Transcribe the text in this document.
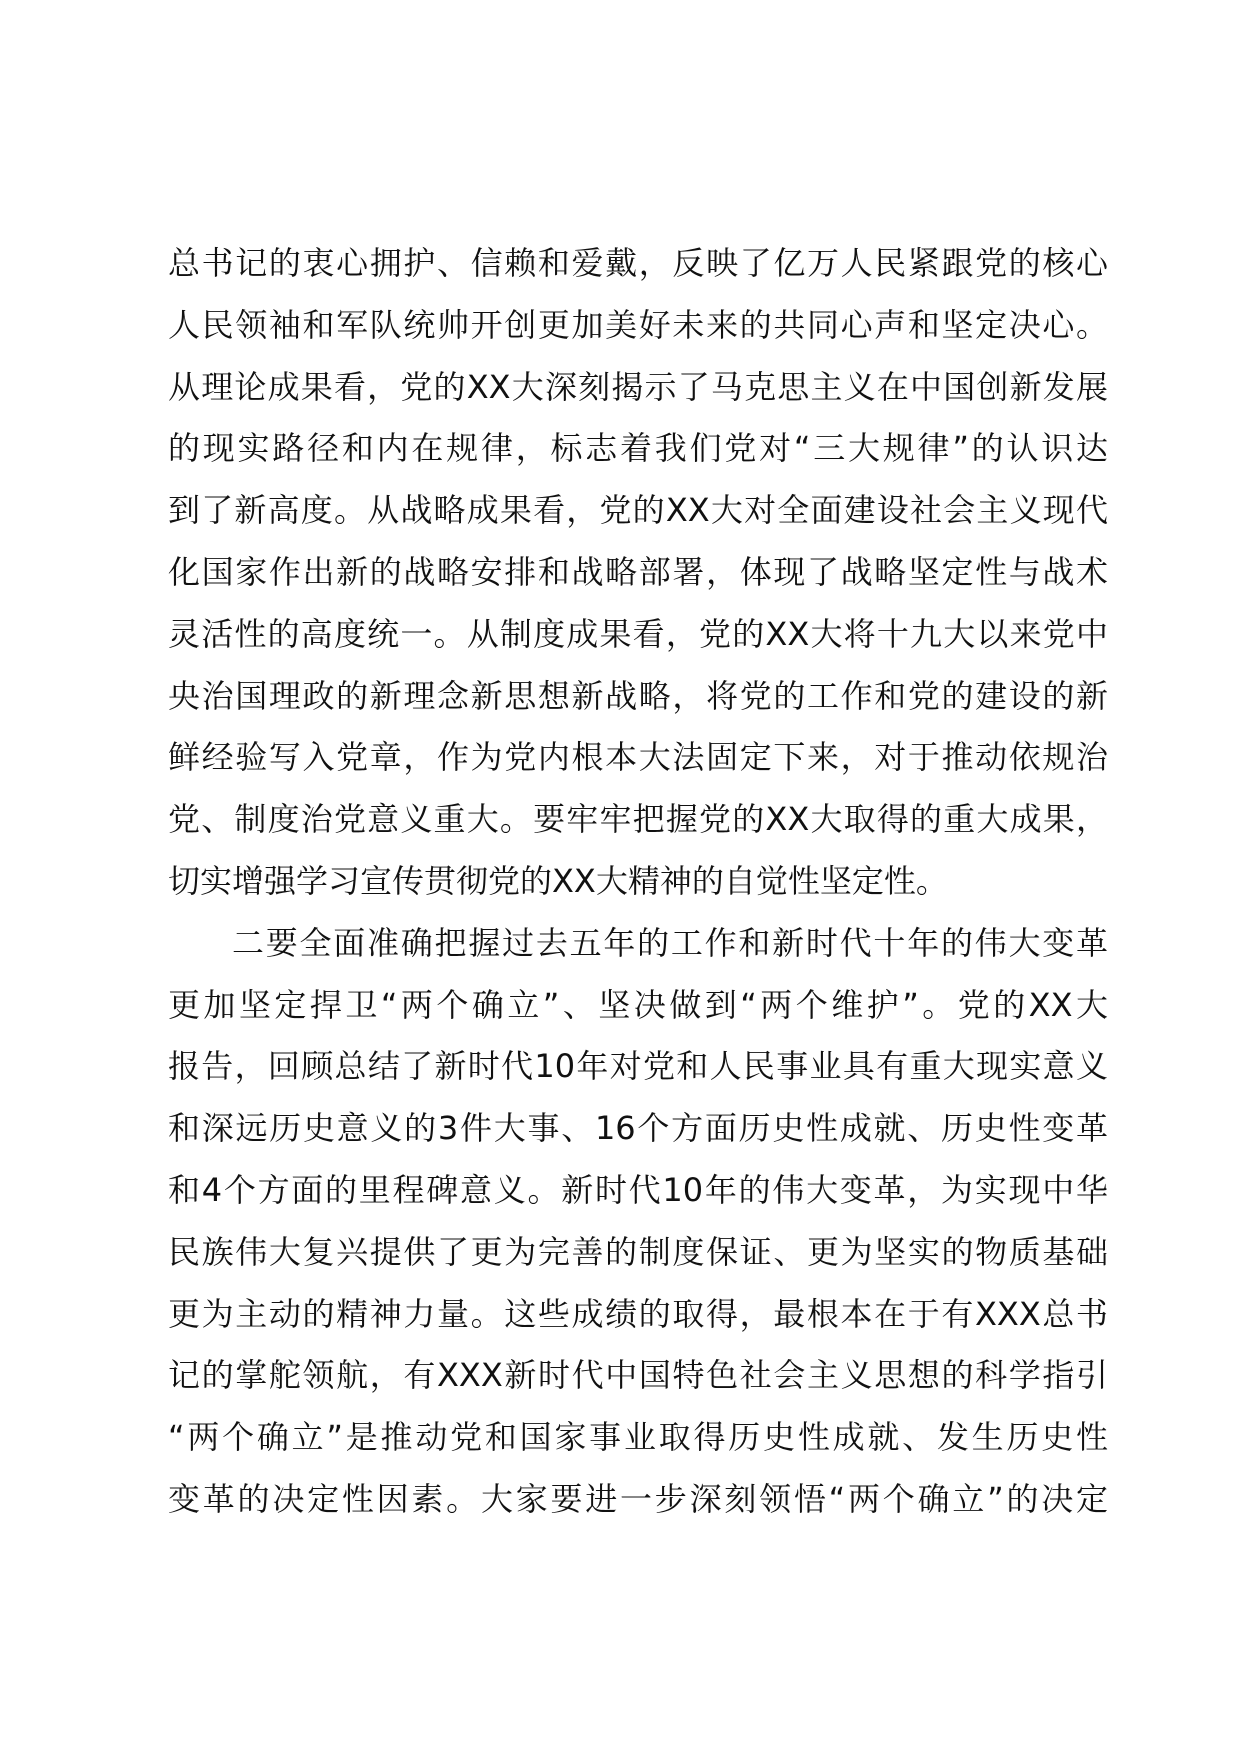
总书记的衷心拥护、信赖和爱戴，反映了亿万人民紧跟党的核心
人民领袖和军队统帅开创更加美好未来的共同心声和坚定决心。
从理论成果看，党的XX大深刻揭示了马克思主义在中国创新发展
的现实路径和内在规律，标志着我们党对“三大规律”的认识达
到了新高度。从战略成果看，党的XX大对全面建设社会主义现代
化国家作出新的战略安排和战略部署，体现了战略坚定性与战术
灵活性的高度统一。从制度成果看，党的XX大将十九大以来党中
央治国理政的新理念新思想新战略，将党的工作和党的建设的新
鲜经验写入党章，作为党内根本大法固定下来，对于推动依规治
党、制度治党意义重大。要牢牢把握党的XX大取得的重大成果，
切实增强学习宣传贯彻党的XX大精神的自觉性坚定性。
二要全面准确把握过去五年的工作和新时代十年的伟大变革
更加坚定捍卫“两个确立”、坚决做到“两个维护”。党的XX大
报告，回顾总结了新时代10年对党和人民事业具有重大现实意义
和深远历史意义的3件大事、16个方面历史性成就、历史性变革
和4个方面的里程碑意义。新时代10年的伟大变革，为实现中华
民族伟大复兴提供了更为完善的制度保证、更为坚实的物质基础
更为主动的精神力量。这些成绩的取得，最根本在于有XXX总书
记的掌舵领航，有XXX新时代中国特色社会主义思想的科学指引
“两个确立”是推动党和国家事业取得历史性成就、发生历史性
变革的决定性因素。大家要进一步深刻领悟“两个确立”的决定
